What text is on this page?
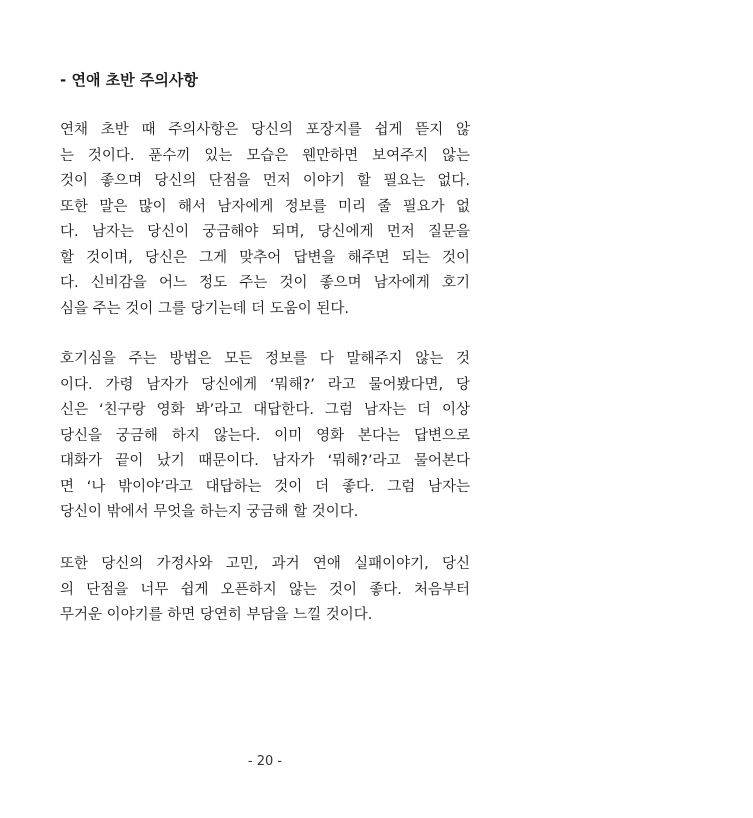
- 연애 초반 주의사항
연채 초반 때 주의사항은 당신의 포장지를 쉽게 뜯지 않
는 것이다. 푼수끼 있는 모습은 웬만하면 보여주지 않는
것이 좋으며 당신의 단점을 먼저 이야기 할 필요는 없다.
또한 말은 많이 해서 남자에게 정보를 미리 줄 필요가 없
다. 남자는 당신이 궁금해야 되며, 당신에게 먼저 질문을
할 것이며, 당신은 그게 맞추어 답변을 해주면 되는 것이
다. 신비감을 어느 정도 주는 것이 좋으며 남자에게 호기
심을 주는 것이 그를 당기는데 더 도움이 된다.
호기심을 주는 방법은 모든 정보를 다 말해주지 않는 것
이다. 가령 남자가 당신에게 ‘뭐해?’ 라고 물어봤다면, 당
신은 ‘친구랑 영화 봐’라고 대답한다. 그럼 남자는 더 이상
당신을 궁금해 하지 않는다. 이미 영화 본다는 답변으로
대화가 끝이 났기 때문이다. 남자가 ‘뭐해?’라고 물어본다
면 ‘나 밖이야’라고 대답하는 것이 더 좋다. 그럼 남자는
당신이 밖에서 무엇을 하는지 궁금해 할 것이다.
또한 당신의 가정사와 고민, 과거 연애 실패이야기, 당신
의 단점을 너무 쉽게 오픈하지 않는 것이 좋다. 처음부터
무거운 이야기를 하면 당연히 부담을 느낄 것이다.
- 20 -
